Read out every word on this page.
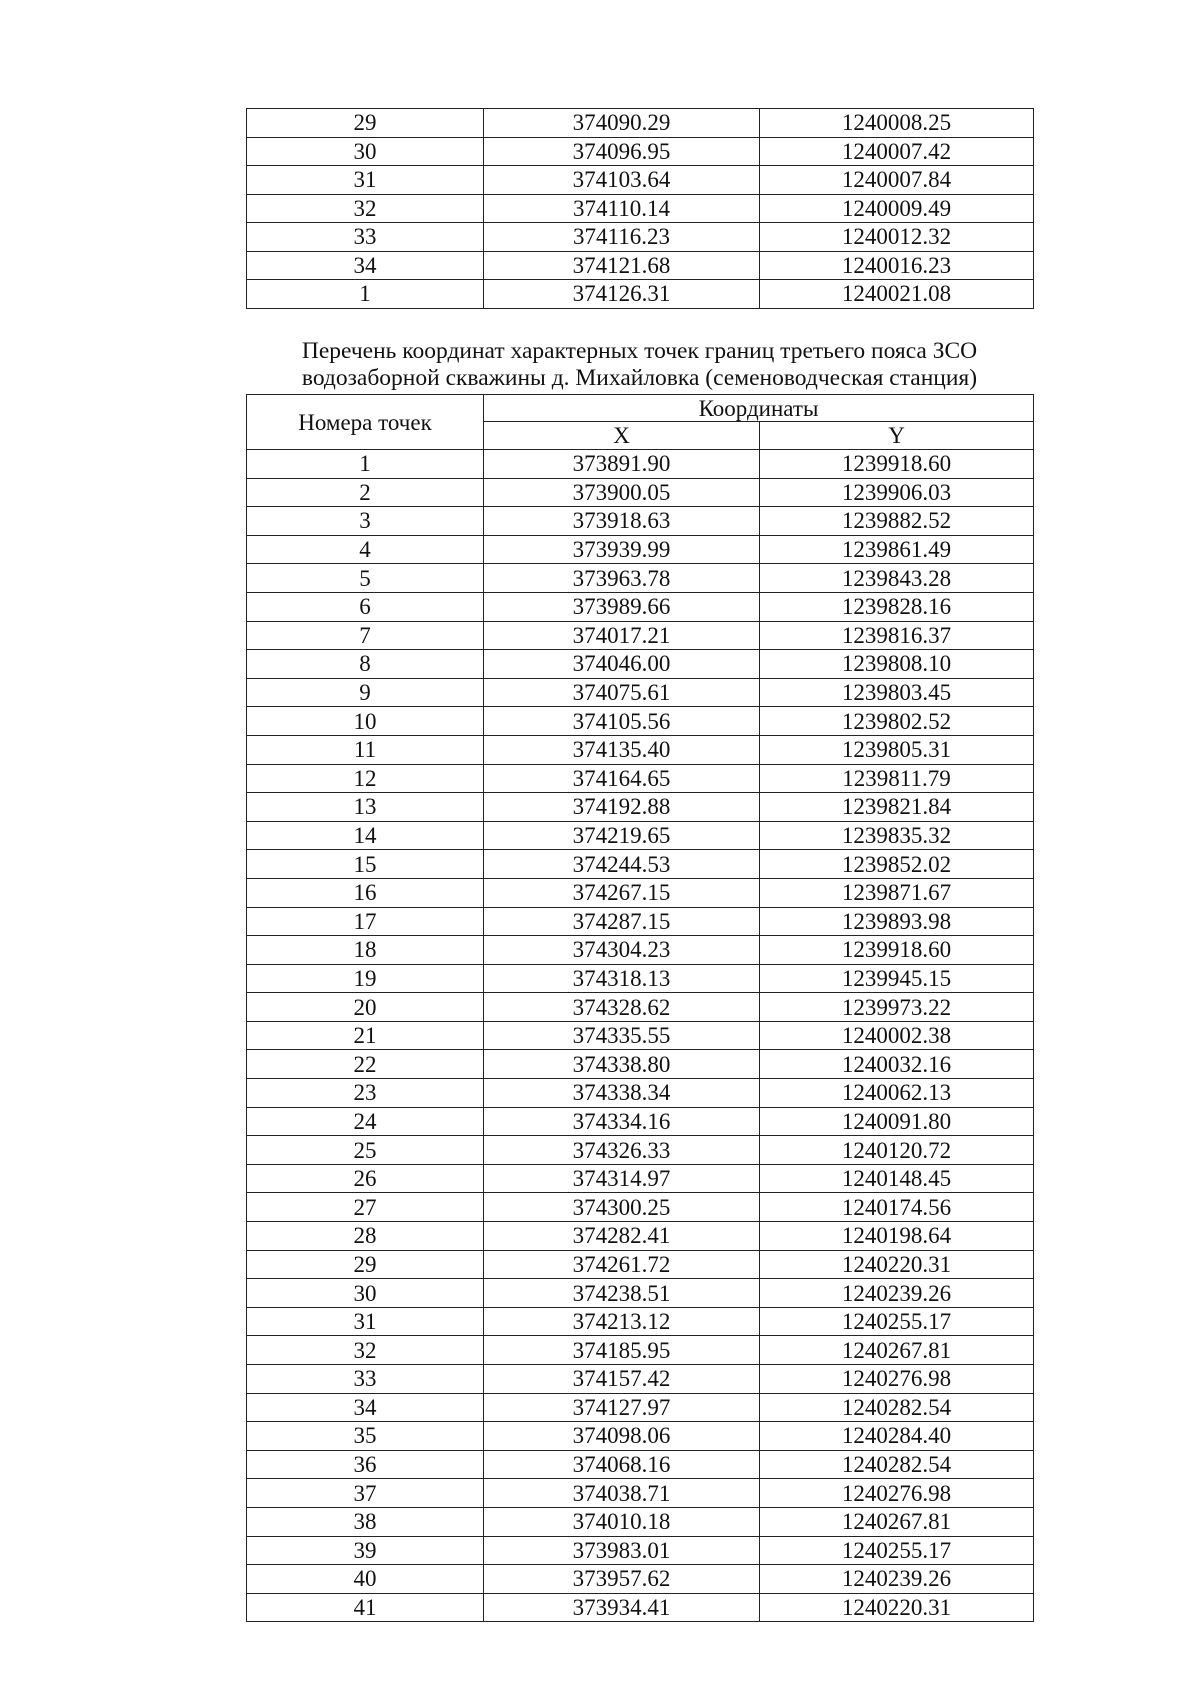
29	374090.29	1240008.25
30	374096.95	1240007.42
31	374103.64	1240007.84
32	374110.14	1240009.49
33	374116.23	1240012.32
34	374121.68	1240016.23
1	374126.31	1240021.08
Перечень координат характерных точек границ третьего пояса ЗСО
водозаборной скважины д. Михайловка (семеноводческая станция)
Номера точек	Координаты	
	X	Y
1	373891.90	1239918.60
2	373900.05	1239906.03
3	373918.63	1239882.52
4	373939.99	1239861.49
5	373963.78	1239843.28
6	373989.66	1239828.16
7	374017.21	1239816.37
8	374046.00	1239808.10
9	374075.61	1239803.45
10	374105.56	1239802.52
11	374135.40	1239805.31
12	374164.65	1239811.79
13	374192.88	1239821.84
14	374219.65	1239835.32
15	374244.53	1239852.02
16	374267.15	1239871.67
17	374287.15	1239893.98
18	374304.23	1239918.60
19	374318.13	1239945.15
20	374328.62	1239973.22
21	374335.55	1240002.38
22	374338.80	1240032.16
23	374338.34	1240062.13
24	374334.16	1240091.80
25	374326.33	1240120.72
26	374314.97	1240148.45
27	374300.25	1240174.56
28	374282.41	1240198.64
29	374261.72	1240220.31
30	374238.51	1240239.26
31	374213.12	1240255.17
32	374185.95	1240267.81
33	374157.42	1240276.98
34	374127.97	1240282.54
35	374098.06	1240284.40
36	374068.16	1240282.54
37	374038.71	1240276.98
38	374010.18	1240267.81
39	373983.01	1240255.17
40	373957.62	1240239.26
41	373934.41	1240220.31
